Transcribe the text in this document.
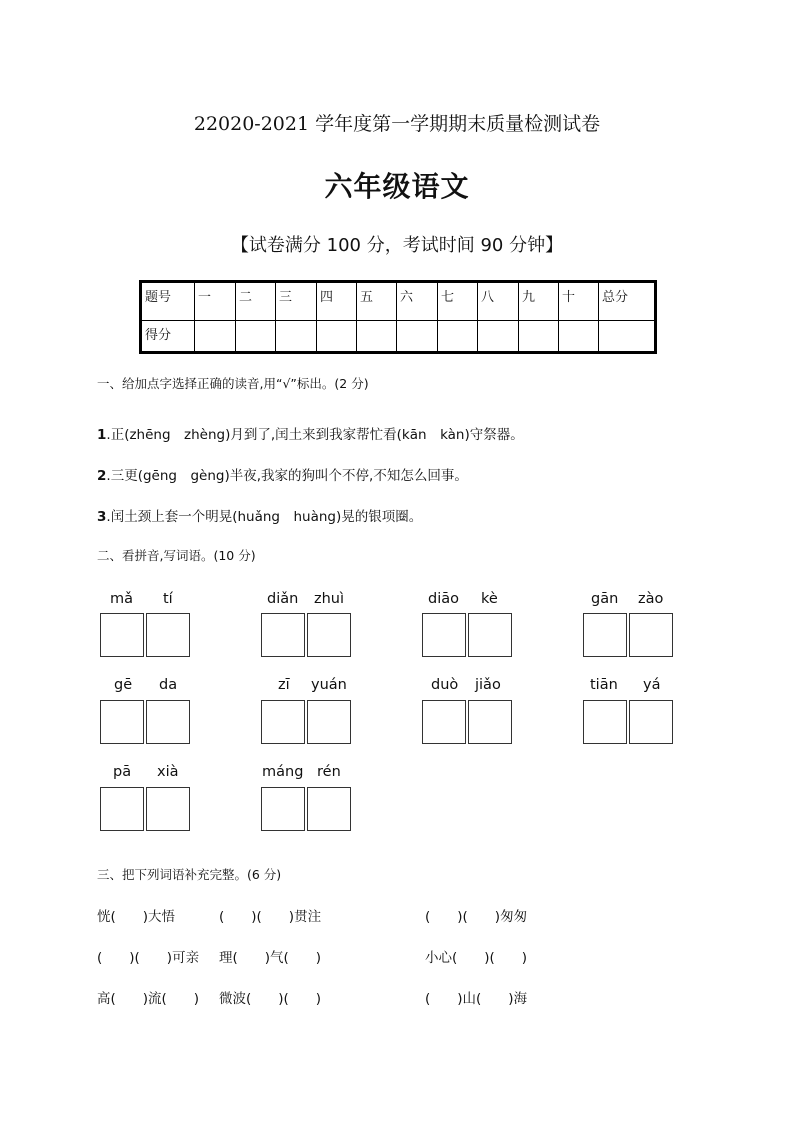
22020-2021 学年度第一学期期末质量检测试卷
六年级语文
【试卷满分 100 分，考试时间 90 分钟】
题号	一	二	三	四	五	六	七	八	九	十	总分
得分											
一、给加点字选择正确的读音,用“√”标出。(2 分)
1.正(zhēng　zhèng)月到了,闰土来到我家帮忙看(kān　kàn)守祭器。
2.三更(gēng　gèng)半夜,我家的狗叫个不停,不知怎么回事。
3.闰土颈上套一个明晃(huǎng　huàng)晃的银项圈。
二、看拼音,写词语。(10 分)
mǎ tí	diǎn zhuì	diāo kè	gān zào
gē da	zī yuán	duò jiǎo	tiān yá
pā xià	máng rén
三、把下列词语补充完整。(6 分)
恍(　　)大悟	(　　)(　　)贯注	(　　)(　　)匆匆
(　　)(　　)可亲 理(　　)气(　　)	小心(　　)(　　)
高(　　)流(　　) 微波(　　)(　　)	(　　)山(　　)海
